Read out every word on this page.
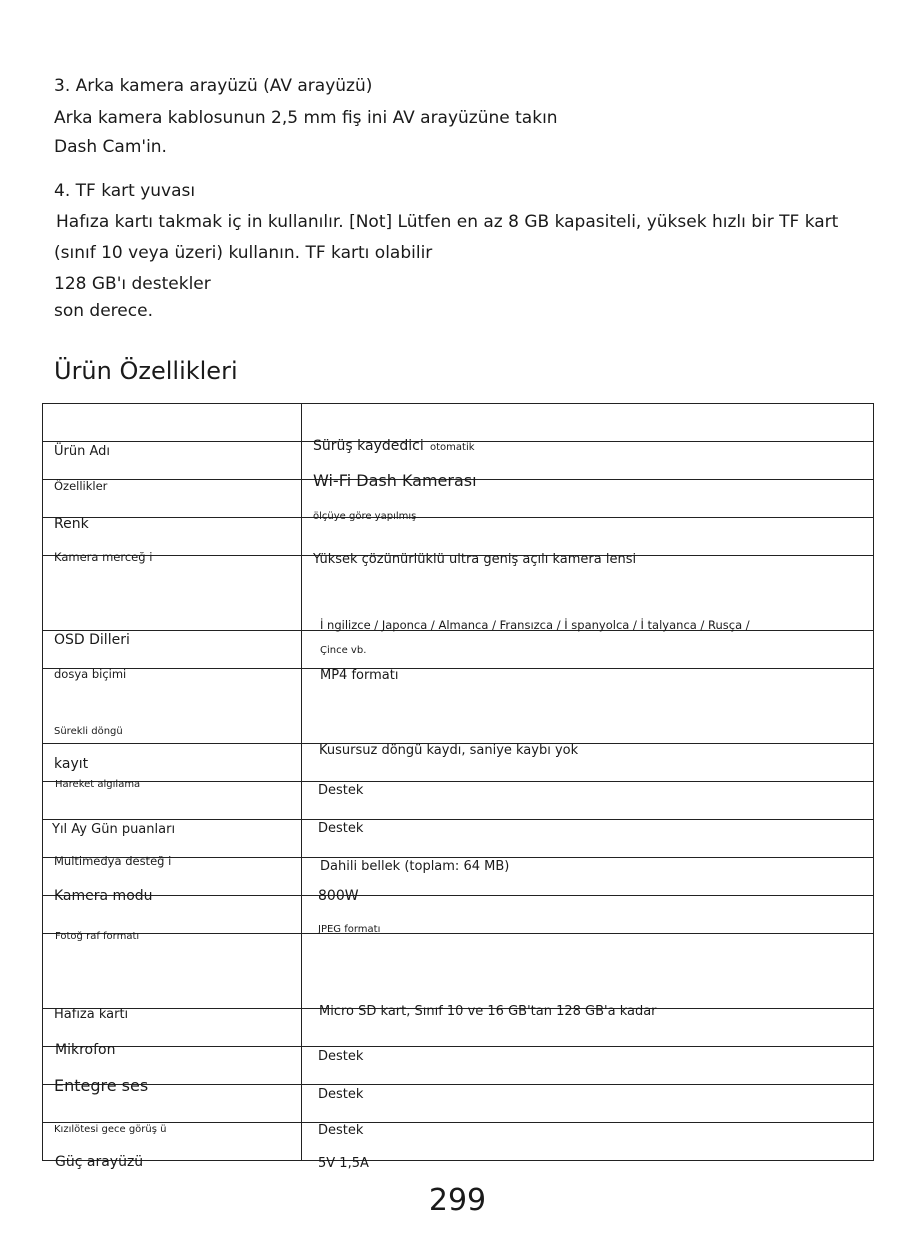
3. Arka kamera arayüzü (AV arayüzü)
Arka kamera kablosunun 2,5 mm fiş ini AV arayüzüne takın
Dash Cam'in.
4. TF kart yuvası
Hafıza kartı takmak iç in kullanılır. [Not] Lütfen en az 8 GB kapasiteli, yüksek hızlı bir TF kart
(sınıf 10 veya üzeri) kullanın. TF kartı olabilir
128 GB'ı destekler
son derece.
Ürün Özellikleri
Ürün Adı	Sürüş kaydedici otomatik

Özellikler	Wi-Fi Dash Kamerası

Renk	ölçüye göre yapılmış

Kamera merceğ i	Yüksek çözünürlüklü ultra geniş açılı kamera lensi

OSD Dilleri	İ ngilizce / Japonca / Almanca / Fransızca / İ spanyolca / İ talyanca / Rusça /
Çince vb.

dosya biçimi	MP4 formatı

Sürekli döngü
kayıt	Kusursuz döngü kaydı, saniye kaybı yok

Hareket algılama	Destek

Yıl Ay Gün puanları	Destek

Multimedya desteğ i	Dahili bellek (toplam: 64 MB)

Kamera modu	800W

Fotoğ raf formatı	JPEG formatı

Hafıza kartı	Micro SD kart, Sınıf 10 ve 16 GB'tan 128 GB'a kadar

Mikrofon	Destek

Entegre ses	Destek

Kızılötesi gece görüş ü	Destek

Güç arayüzü	5V 1,5A
299
